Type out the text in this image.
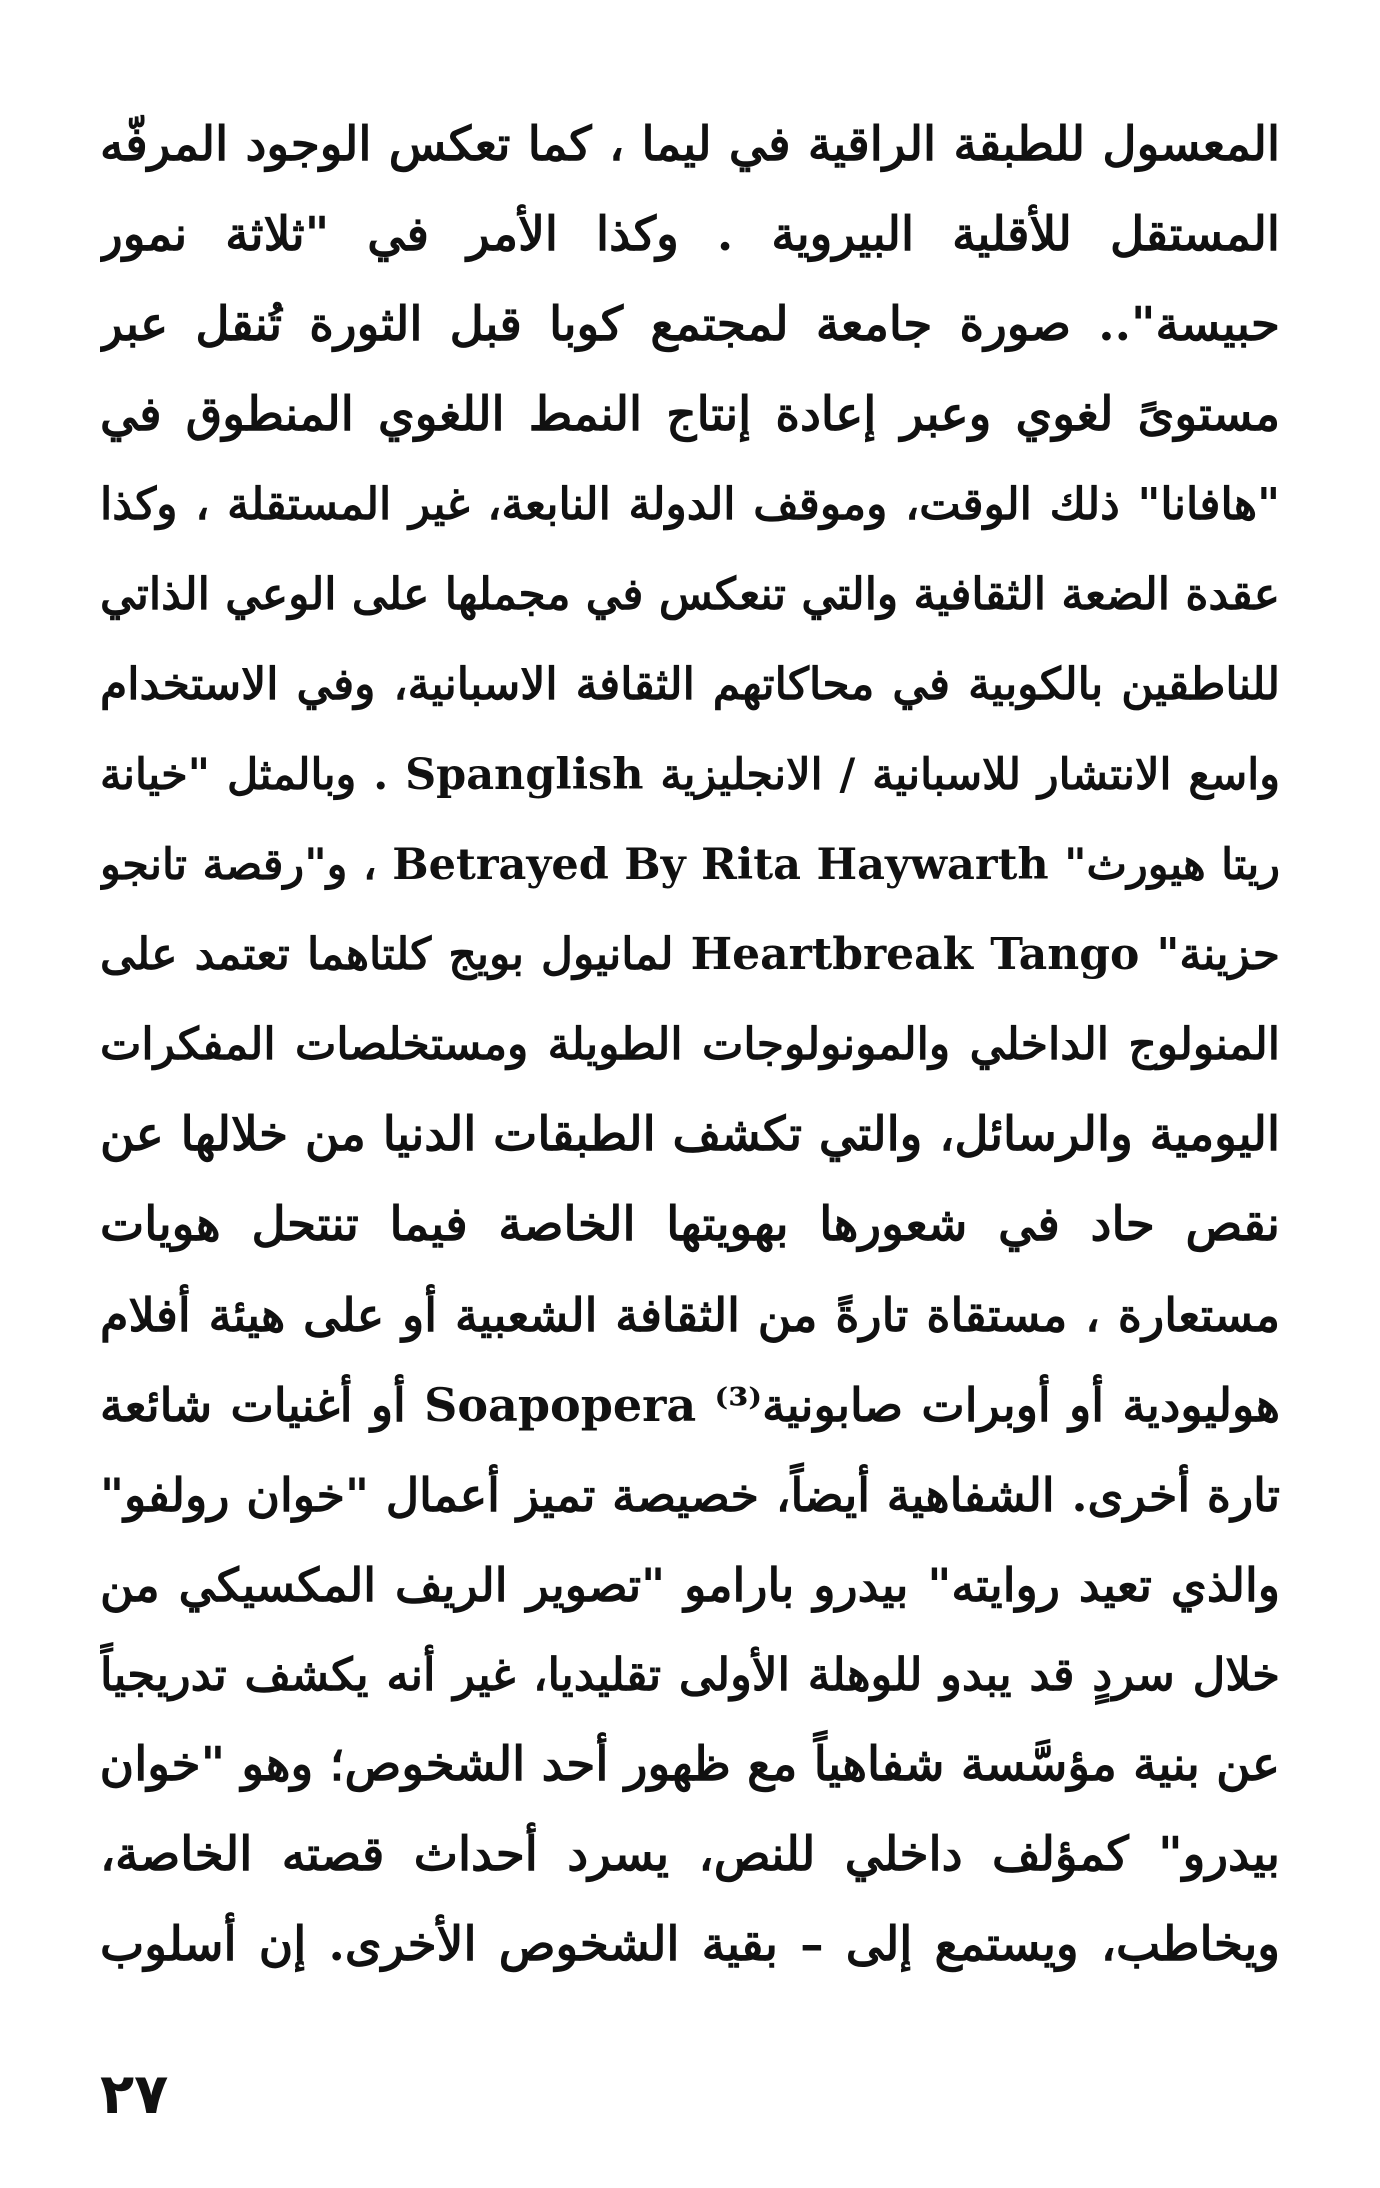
المعسول للطبقة الراقية في ليما ، كما تعكس الوجود المرفّه
المستقل للأقلية البيروية . وكذا الأمر في "ثلاثة نمور
حبيسة".. صورة جامعة لمجتمع كوبا قبل الثورة تُنقل عبر
مستوىً لغوي وعبر إعادة إنتاج النمط اللغوي المنطوق في
"هافانا" ذلك الوقت، وموقف الدولة النابعة، غير المستقلة ، وكذا
عقدة الضعة الثقافية والتي تنعكس في مجملها على الوعي الذاتي
للناطقين بالكوبية في محاكاتهم الثقافة الاسبانية، وفي الاستخدام
واسع الانتشار للاسبانية / الانجليزية Spanglish . وبالمثل "خيانة
ريتا هيورث" Betrayed By Rita Haywarth ، و"رقصة تانجو
حزينة" Heartbreak Tango لمانيول بويج كلتاهما تعتمد على
المنولوج الداخلي والمونولوجات الطويلة ومستخلصات المفكرات
اليومية والرسائل، والتي تكشف الطبقات الدنيا من خلالها عن
نقص حاد في شعورها بهويتها الخاصة فيما تنتحل هويات
مستعارة ، مستقاة تارةً من الثقافة الشعبية أو على هيئة أفلام
هوليودية أو أوبرات صابونية⁽³⁾ Soapopera أو أغنيات شائعة
تارة أخرى. الشفاهية أيضاً، خصيصة تميز أعمال "خوان رولفو"
والذي تعيد روايته" بيدرو بارامو "تصوير الريف المكسيكي من
خلال سردٍ قد يبدو للوهلة الأولى تقليديا، غير أنه يكشف تدريجياً
عن بنية مؤسَّسة شفاهياً مع ظهور أحد الشخوص؛ وهو "خوان
بيدرو" كمؤلف داخلي للنص، يسرد أحداث قصته الخاصة،
ويخاطب، ويستمع إلى – بقية الشخوص الأخرى. إن أسلوب
٢٧
